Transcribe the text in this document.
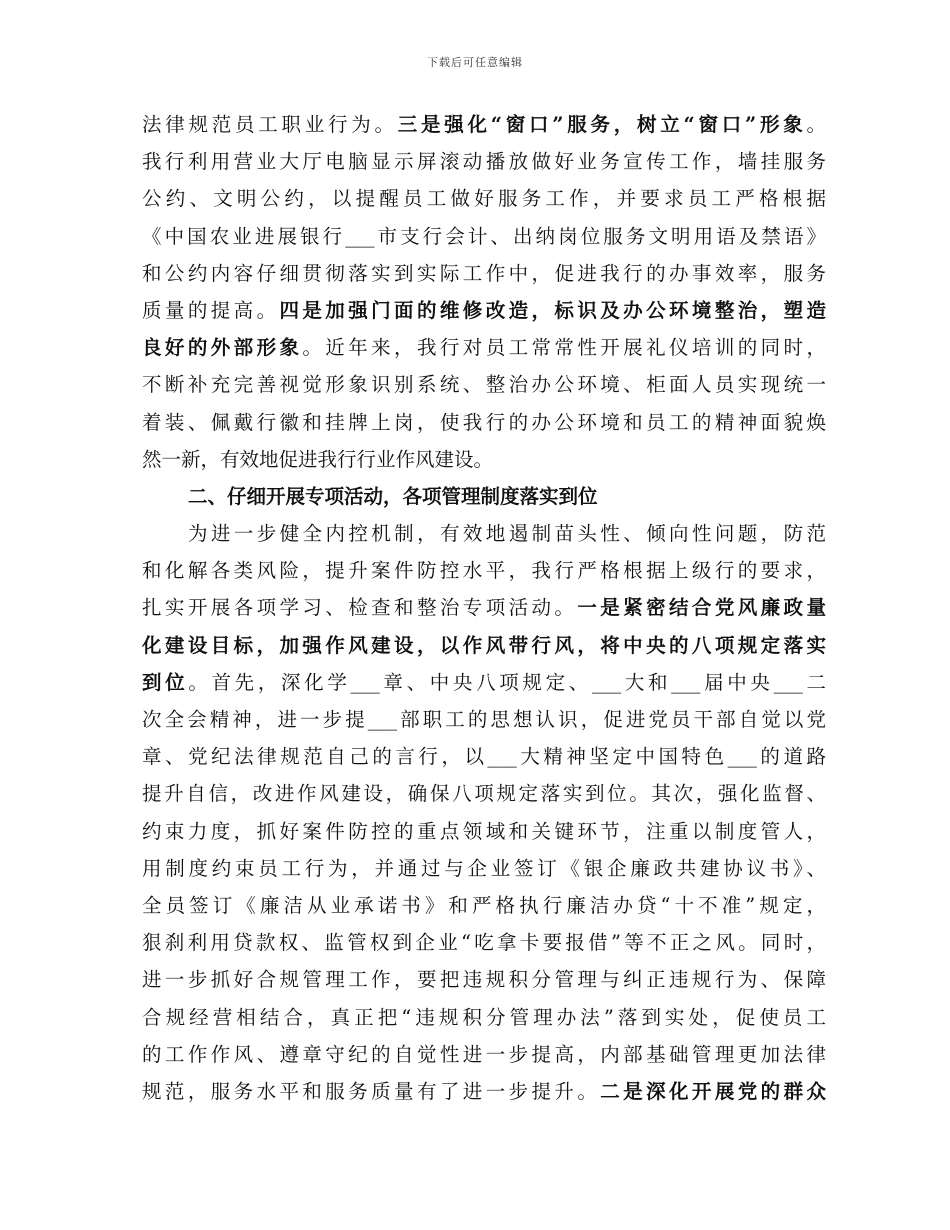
下载后可任意编辑
法律规范员工职业行为。三是强化“窗口”服务，树立“窗口”形象。
我行利用营业大厅电脑显示屏滚动播放做好业务宣传工作，墙挂服务
公约、文明公约，以提醒员工做好服务工作，并要求员工严格根据
《中国农业进展银行___市支行会计、出纳岗位服务文明用语及禁语》
和公约内容仔细贯彻落实到实际工作中，促进我行的办事效率，服务
质量的提高。四是加强门面的维修改造，标识及办公环境整治，塑造
良好的外部形象。近年来，我行对员工常常性开展礼仪培训的同时，
不断补充完善视觉形象识别系统、整治办公环境、柜面人员实现统一
着装、佩戴行徽和挂牌上岗，使我行的办公环境和员工的精神面貌焕
然一新，有效地促进我行行业作风建设。
二、仔细开展专项活动，各项管理制度落实到位
为进一步健全内控机制，有效地遏制苗头性、倾向性问题，防范
和化解各类风险，提升案件防控水平，我行严格根据上级行的要求，
扎实开展各项学习、检查和整治专项活动。一是紧密结合党风廉政量
化建设目标，加强作风建设，以作风带行风，将中央的八项规定落实
到位。首先，深化学___章、中央八项规定、___大和___届中央___二
次全会精神，进一步提___部职工的思想认识，促进党员干部自觉以党
章、党纪法律规范自己的言行，以___大精神坚定中国特色___的道路
提升自信，改进作风建设，确保八项规定落实到位。其次，强化监督、
约束力度，抓好案件防控的重点领域和关键环节，注重以制度管人，
用制度约束员工行为，并通过与企业签订《银企廉政共建协议书》、
全员签订《廉洁从业承诺书》和严格执行廉洁办贷“十不准”规定，
狠刹利用贷款权、监管权到企业“吃拿卡要报借”等不正之风。同时，
进一步抓好合规管理工作，要把违规积分管理与纠正违规行为、保障
合规经营相结合，真正把“违规积分管理办法”落到实处，促使员工
的工作作风、遵章守纪的自觉性进一步提高，内部基础管理更加法律
规范，服务水平和服务质量有了进一步提升。二是深化开展党的群众
